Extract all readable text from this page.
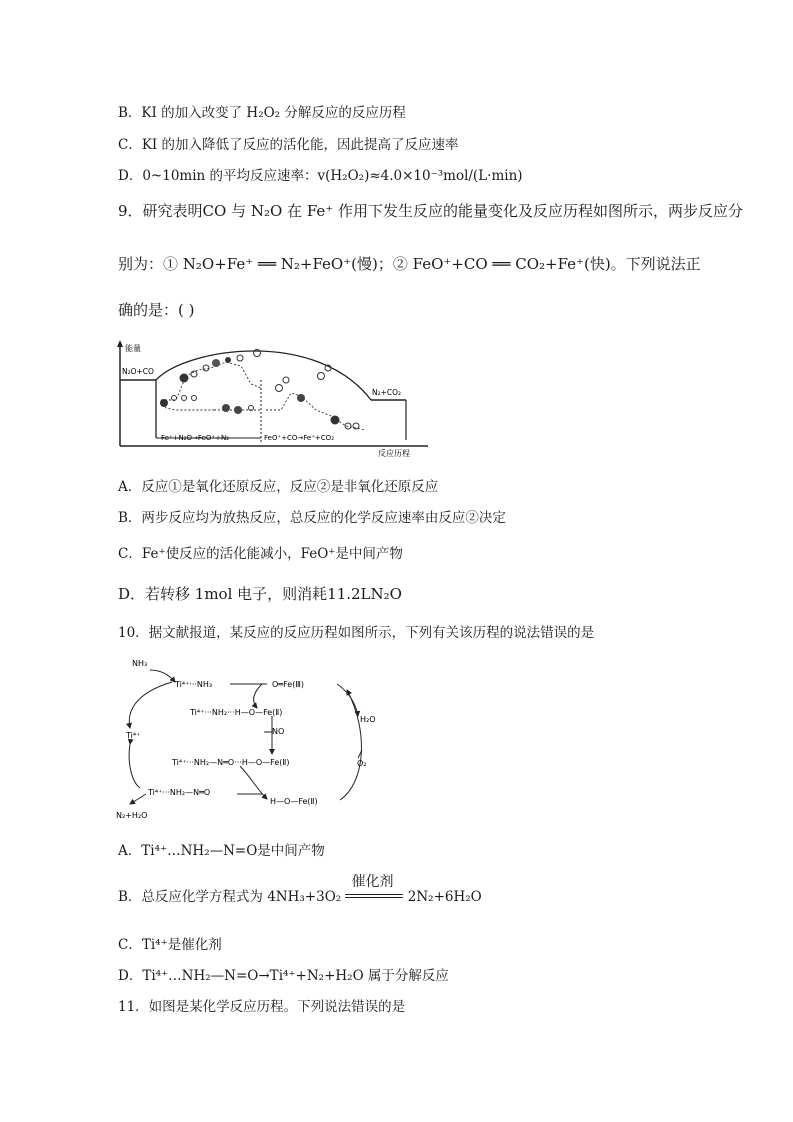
B．KI 的加入改变了 H₂O₂ 分解反应的反应历程
C．KI 的加入降低了反应的活化能，因此提高了反应速率
D．0~10min 的平均反应速率：v(H₂O₂)≈4.0×10⁻³mol/(L·min)
9．研究表明CO 与 N₂O 在 Fe⁺ 作用下发生反应的能量变化及反应历程如图所示，两步反应分
别为：① N₂O+Fe⁺ ══ N₂+FeO⁺(慢)；② FeO⁺+CO ══ CO₂+Fe⁺(快)。下列说法正
确的是：( )
能量
反应历程
N₂O+CO
N₂+CO₂
Fe⁺+N₂O→FeO⁺+N₂	FeO⁺+CO→Fe⁺+CO₂
A．反应①是氧化还原反应，反应②是非氧化还原反应
B．两步反应均为放热反应，总反应的化学反应速率由反应②决定
C．Fe⁺使反应的活化能减小，FeO⁺是中间产物
D．若转移 1mol 电子，则消耗11.2LN₂O
10．据文献报道，某反应的反应历程如图所示，下列有关该历程的说法错误的是
NH₃
Ti⁴⁺···NH₃	O═Fe(Ⅲ)
Ti⁴⁺···NH₂···H—O—Fe(Ⅱ)
NO
H₂O
Ti⁴⁺
Ti⁴⁺···NH₂—N═O···H—O—Fe(Ⅱ)	O₂
Ti⁴⁺···NH₂—N═O
H—O—Fe(Ⅱ)
N₂+H₂O
A．Ti⁴⁺…NH₂—N=O是中间产物
B．总反应化学方程式为 4NH₃+3O₂
催化剂
2N₂+6H₂O
C．Ti⁴⁺是催化剂
D．Ti⁴⁺…NH₂—N=O→Ti⁴⁺+N₂+H₂O 属于分解反应
11．如图是某化学反应历程。下列说法错误的是
